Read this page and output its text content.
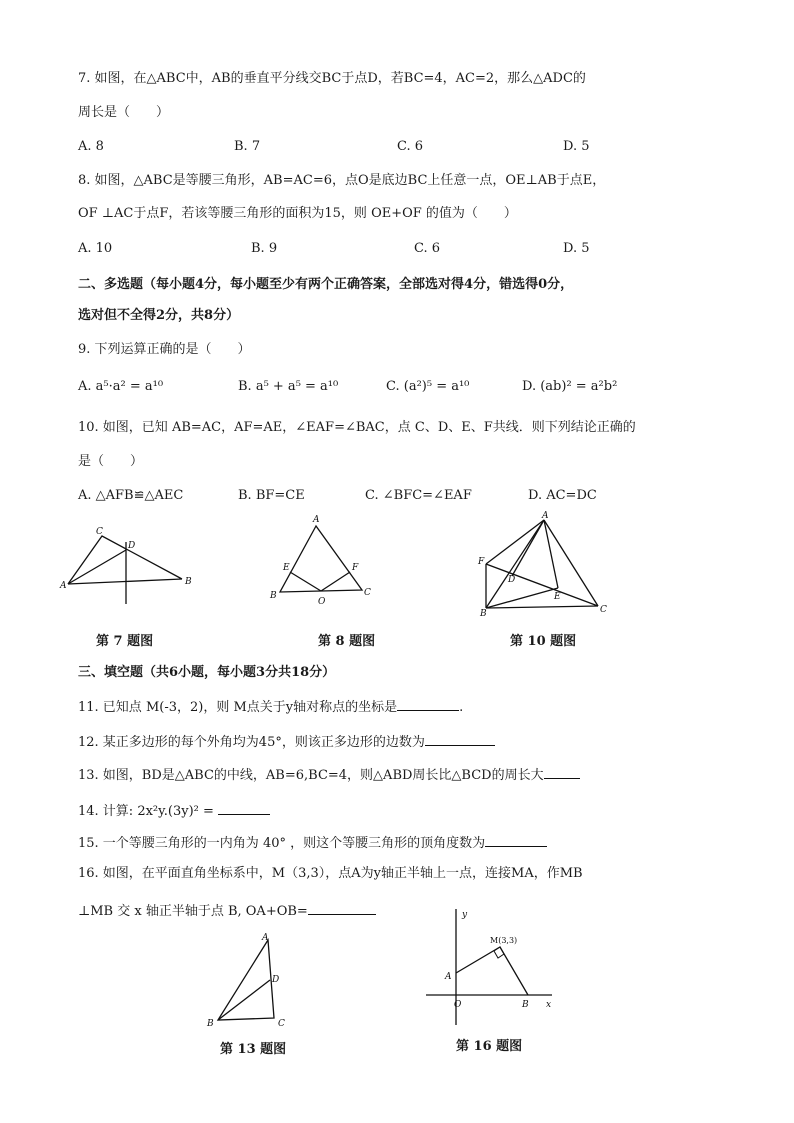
7. 如图，在△ABC中，AB的垂直平分线交BC于点D，若BC=4，AC=2，那么△ADC的
周长是（　　）
A. 8	B. 7	C. 6	D. 5
8. 如图，△ABC是等腰三角形，AB=AC=6，点O是底边BC上任意一点，OE⊥AB于点E，
OF ⊥AC于点F，若该等腰三角形的面积为15，则 OE+OF 的值为（　　）
A. 10	B. 9	C. 6	D. 5
二、多选题（每小题4分，每小题至少有两个正确答案，全部选对得4分，错选得0分，
选对但不全得2分，共8分）
9. 下列运算正确的是（　　）
A. a⁵·a² = a¹⁰	B. a⁵ + a⁵ = a¹⁰	C. (a²)⁵ = a¹⁰	D. (ab)² = a²b²
10. 如图，已知 AB=AC，AF=AE，∠EAF=∠BAC，点 C、D、E、F共线．则下列结论正确的
是（　　）
A. △AFB≌△AEC	B. BF=CE	C. ∠BFC=∠EAF	D. AC=DC
C
D
A	B
第 7 题图
A
E	F
B
O
C
第 8 题图
A
F
D
E
B	C
第 10 题图
三、填空题（共6小题，每小题3分共18分）
11. 已知点 M(-3，2)，则 M点关于y轴对称点的坐标是	.
12. 某正多边形的每个外角均为45°，则该正多边形的边数为
13. 如图，BD是△ABC的中线，AB=6,BC=4，则△ABD周长比△BCD的周长大
14. 计算: 2x²y.(3y)² =
15. 一个等腰三角形的一内角为 40° ，则这个等腰三角形的顶角度数为
16. 如图，在平面直角坐标系中，M（3,3），点A为y轴正半轴上一点，连接MA，作MB
⊥MB 交 x 轴正半轴于点 B, OA+OB=
A
D
B	C
第 13 题图
y
M(3,3)
A
O	B x
第 16 题图
